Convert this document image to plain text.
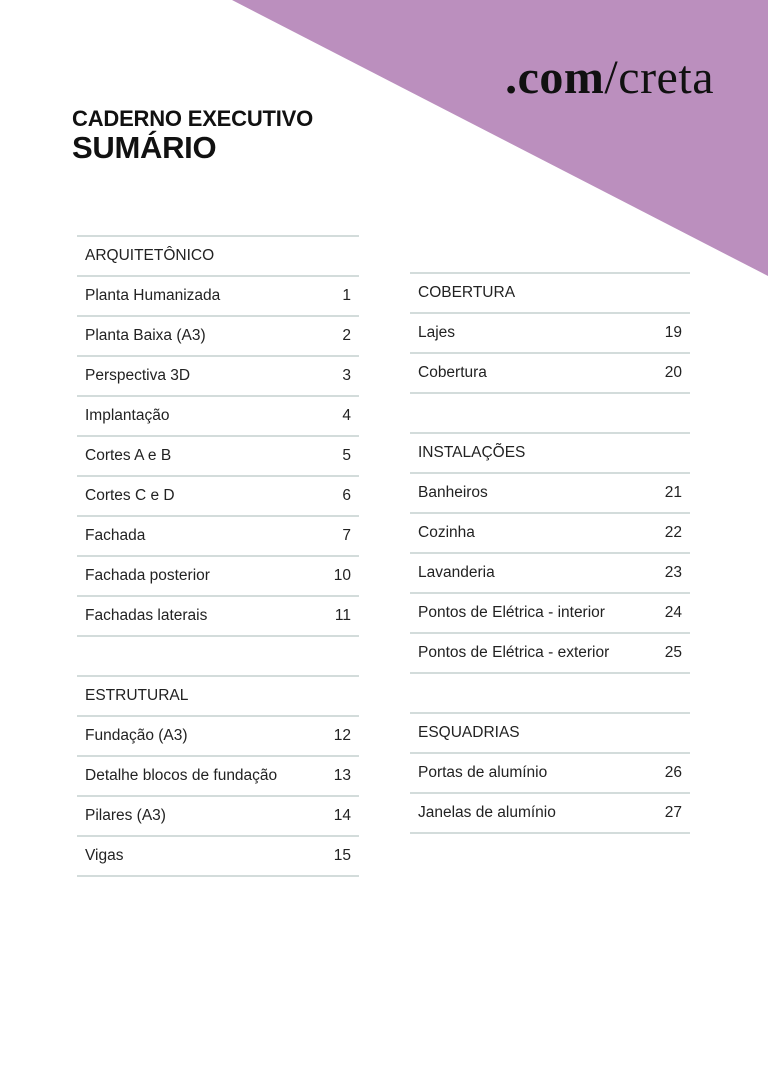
.com/creta
CADERNO EXECUTIVO
SUMÁRIO
ARQUITETÔNICO
Planta Humanizada	1
Planta Baixa (A3)	2
Perspectiva 3D	3
Implantação	4
Cortes A e B	5
Cortes C e D	6
Fachada	7
Fachada posterior	10
Fachadas laterais	11
ESTRUTURAL
Fundação (A3)	12
Detalhe blocos de fundação	13
Pilares (A3)	14
Vigas	15
COBERTURA
Lajes	19
Cobertura	20
INSTALAÇÕES
Banheiros	21
Cozinha	22
Lavanderia	23
Pontos de Elétrica - interior	24
Pontos de Elétrica - exterior	25
ESQUADRIAS
Portas de alumínio	26
Janelas de alumínio	27
